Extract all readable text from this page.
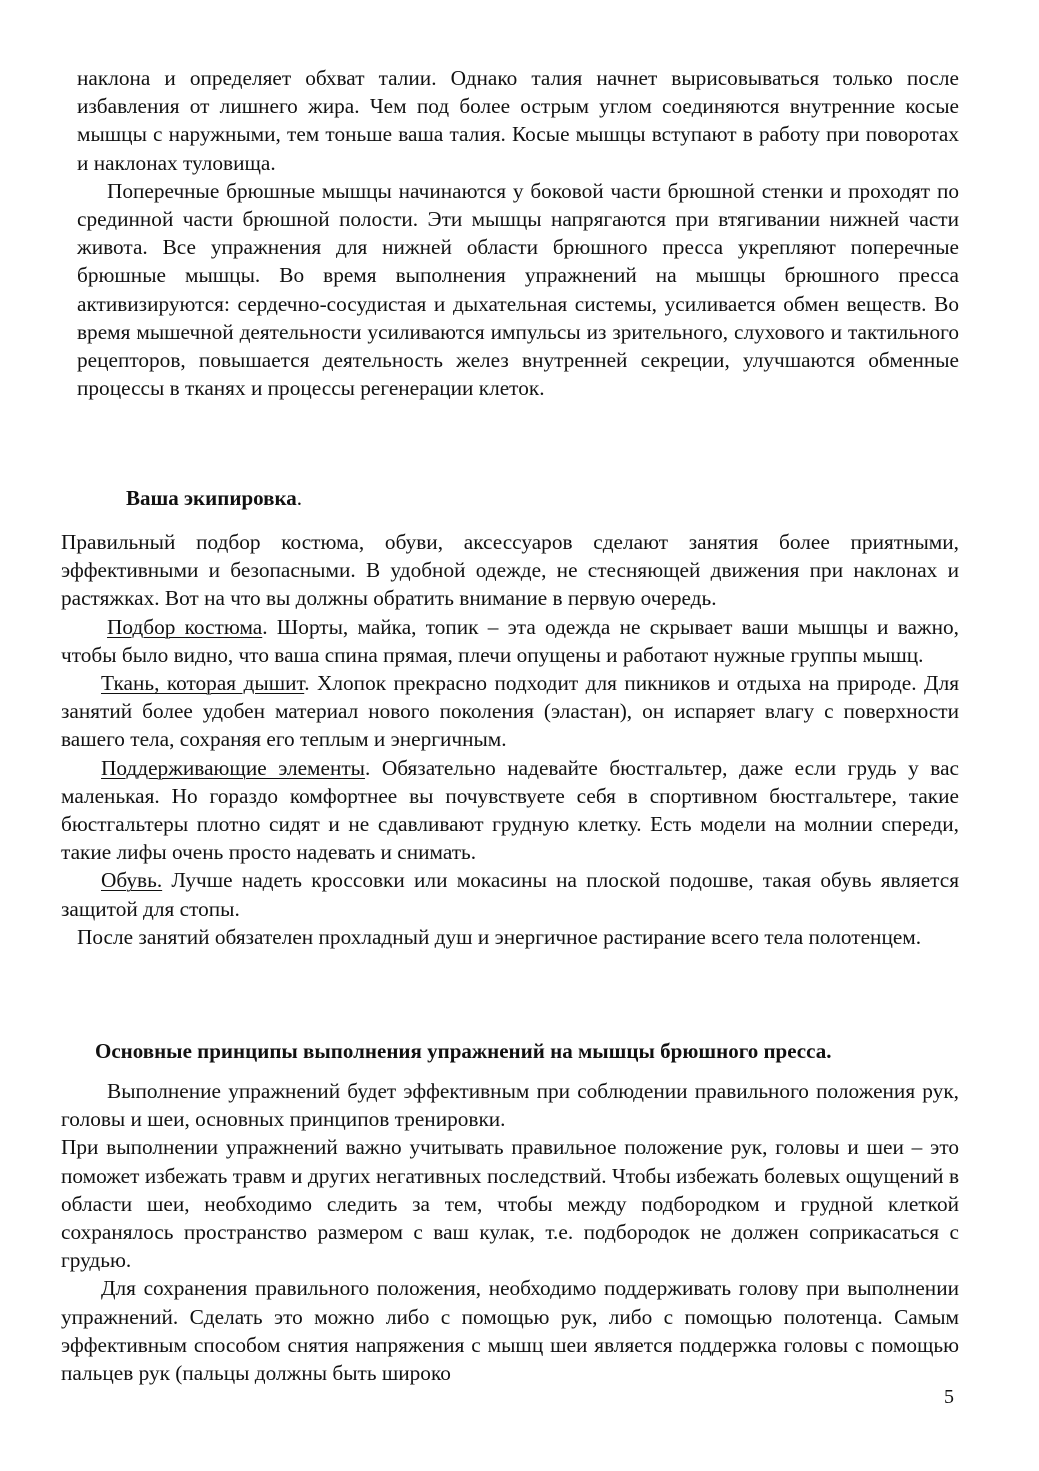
наклона и определяет обхват талии. Однако талия начнет вырисовываться только после избавления от лишнего жира. Чем под более острым углом соединяются внутренние косые мышцы с наружными, тем тоньше ваша талия. Косые мышцы вступают в работу при поворотах и наклонах туловища.

Поперечные брюшные мышцы начинаются у боковой части брюшной стенки и проходят по срединной части брюшной полости. Эти мышцы напрягаются при втягивании нижней части живота. Все упражнения для нижней области брюшного пресса укрепляют поперечные брюшные мышцы. Во время выполнения упражнений на мышцы брюшного пресса активизируются: сердечно-сосудистая и дыхательная системы, усиливается обмен веществ. Во время мышечной деятельности усиливаются импульсы из зрительного, слухового и тактильного рецепторов, повышается деятельность желез внутренней секреции, улучшаются обменные процессы в тканях и процессы регенерации клеток.

Ваша экипировка.

Правильный подбор костюма, обуви, аксессуаров сделают занятия более приятными, эффективными и безопасными. В удобной одежде, не стесняющей движения при наклонах и растяжках. Вот на что вы должны обратить внимание в первую очередь.

Подбор костюма. Шорты, майка, топик – эта одежда не скрывает ваши мышцы и важно, чтобы было видно, что ваша спина прямая, плечи опущены и работают нужные группы мышц.

Ткань, которая дышит. Хлопок прекрасно подходит для пикников и отдыха на природе. Для занятий более удобен материал нового поколения (эластан), он испаряет влагу с поверхности вашего тела, сохраняя его теплым и энергичным.

Поддерживающие элементы. Обязательно надевайте бюстгальтер, даже если грудь у вас маленькая. Но гораздо комфортнее вы почувствуете себя в спортивном бюстгальтере, такие бюстгальтеры плотно сидят и не сдавливают грудную клетку. Есть модели на молнии спереди, такие лифы очень просто надевать и снимать.

Обувь. Лучше надеть кроссовки или мокасины на плоской подошве, такая обувь является защитой для стопы.

После занятий обязателен прохладный душ и энергичное растирание всего тела полотенцем.

Основные принципы выполнения упражнений на мышцы брюшного пресса.

Выполнение упражнений будет эффективным при соблюдении правильного положения рук, головы и шеи, основных принципов тренировки.

При выполнении упражнений важно учитывать правильное положение рук, головы и шеи – это поможет избежать травм и других негативных последствий. Чтобы избежать болевых ощущений в области шеи, необходимо следить за тем, чтобы между подбородком и грудной клеткой сохранялось пространство размером с ваш кулак, т.е. подбородок не должен соприкасаться с грудью.

Для сохранения правильного положения, необходимо поддерживать голову при выполнении упражнений. Сделать это можно либо с помощью рук, либо с помощью полотенца. Самым эффективным способом снятия напряжения с мышц шеи является поддержка головы с помощью пальцев рук (пальцы должны быть широко

5
